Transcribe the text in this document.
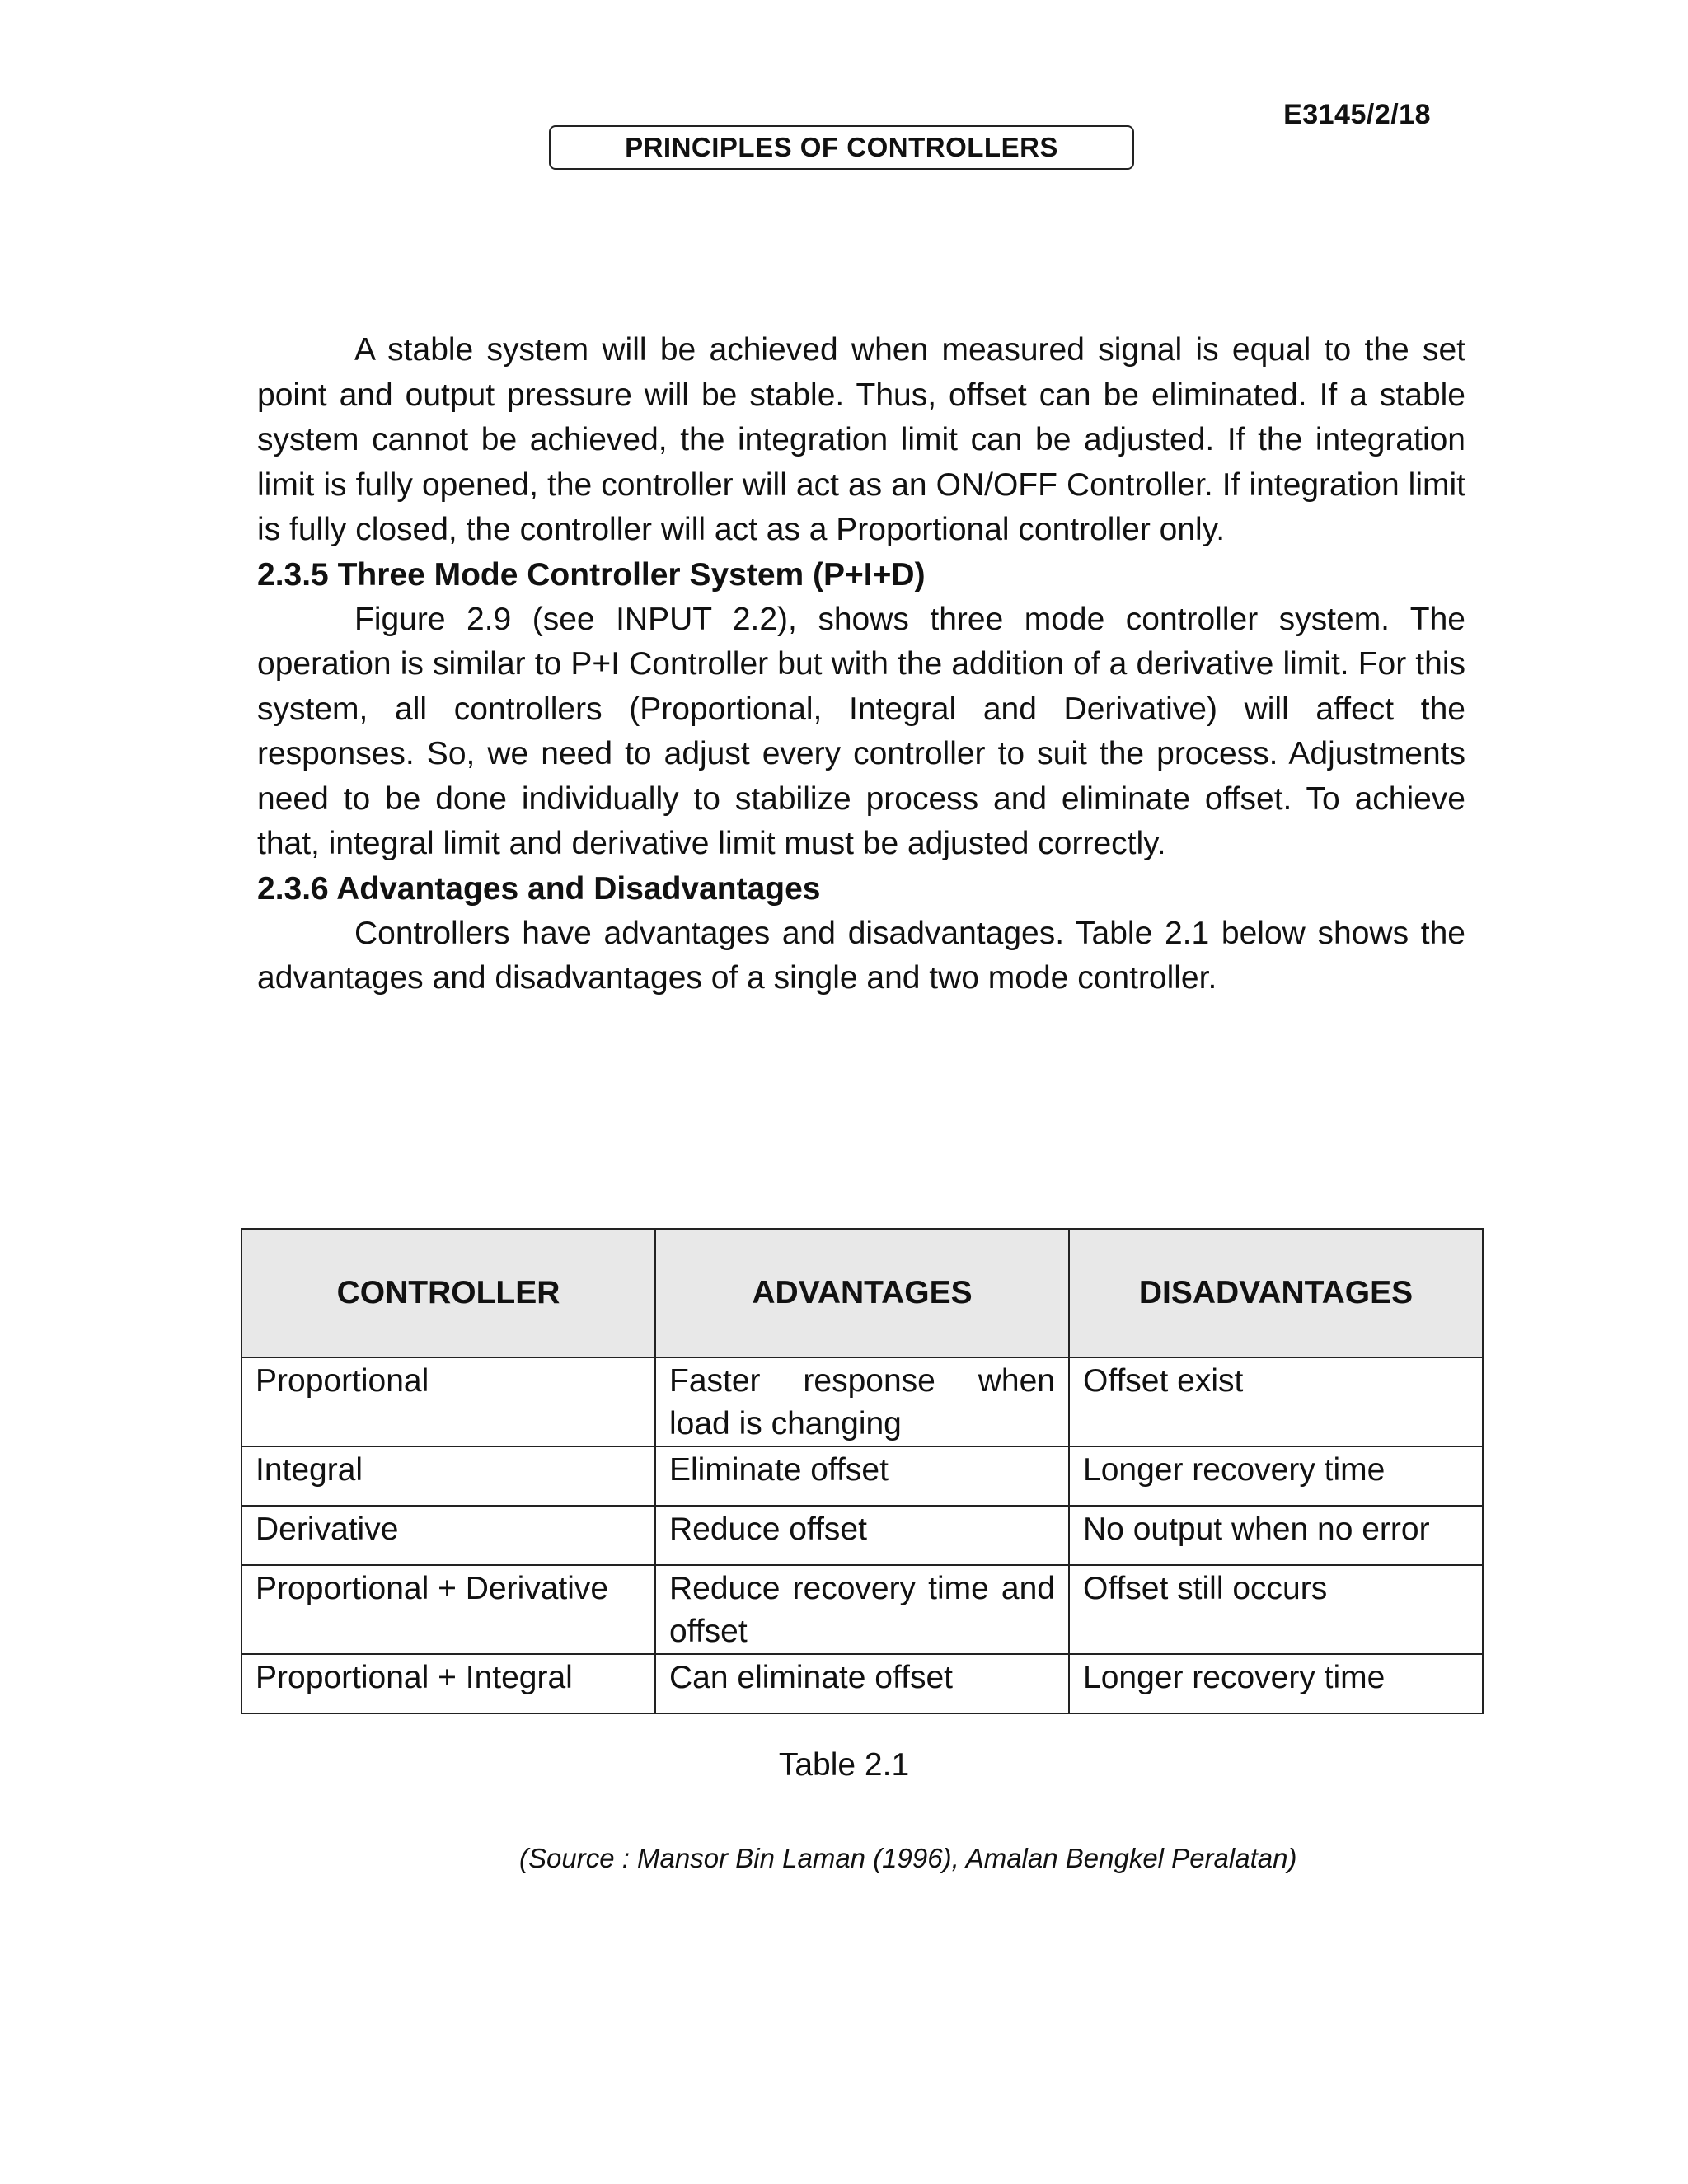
E3145/2/18
PRINCIPLES OF CONTROLLERS

A stable system will be achieved when measured signal is equal to the set point and output pressure will be stable. Thus, offset can be eliminated. If a stable system cannot be achieved, the integration limit can be adjusted. If the integration limit is fully opened, the controller will act as an ON/OFF Controller. If integration limit is fully closed, the controller will act as a Proportional controller only.

2.3.5 Three Mode Controller System (P+I+D)

Figure 2.9 (see INPUT 2.2), shows three mode controller system. The operation is similar to P+I Controller but with the addition of a derivative limit. For this system, all controllers (Proportional, Integral and Derivative) will affect the responses. So, we need to adjust every controller to suit the process. Adjustments need to be done individually to stabilize process and eliminate offset. To achieve that, integral limit and derivative limit must be adjusted correctly.

2.3.6 Advantages and Disadvantages

Controllers have advantages and disadvantages. Table 2.1 below shows the advantages and disadvantages of a single and two mode controller.

CONTROLLER	ADVANTAGES	DISADVANTAGES
Proportional	Faster response when load is changing	Offset exist
Integral	Eliminate offset	Longer recovery time
Derivative	Reduce offset	No output when no error
Proportional + Derivative	Reduce recovery time and offset	Offset still occurs
Proportional + Integral	Can eliminate offset	Longer recovery time
Table 2.1
(Source : Mansor Bin Laman (1996), Amalan Bengkel Peralatan)
